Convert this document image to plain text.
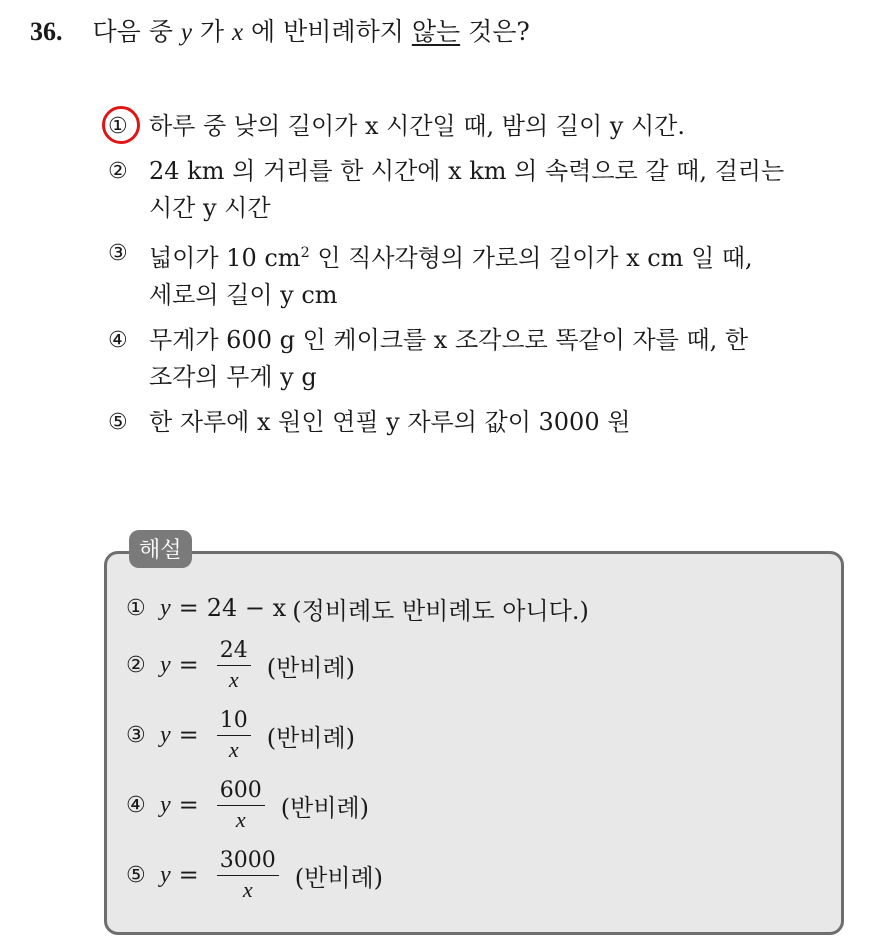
36. 다음 중 y 가 x 에 반비례하지 않는 것은?
① 하루 중 낮의 길이가 x 시간일 때, 밤의 길이 y 시간.
② 24 km 의 거리를 한 시간에 x km 의 속력으로 갈 때, 걸리는
시간 y 시간
③ 넓이가 10 $cm^2$ 인 직사각형의 가로의 길이가 x cm 일 때,
세로의 길이 y cm
④ 무게가 600 g 인 케이크를 x 조각으로 똑같이 자를 때, 한
조각의 무게 y g
⑤ 한 자루에 x 원인 연필 y 자루의 값이 3000 원
해설
① y = 24 − x (정비례도 반비례도 아니다.)
② $y = \frac{24}{x}$ (반비례)
③ $y = \frac{10}{x}$ (반비례)
④ $y = \frac{600}{x}$ (반비례)
⑤ $y = \frac{3000}{x}$ (반비례)
